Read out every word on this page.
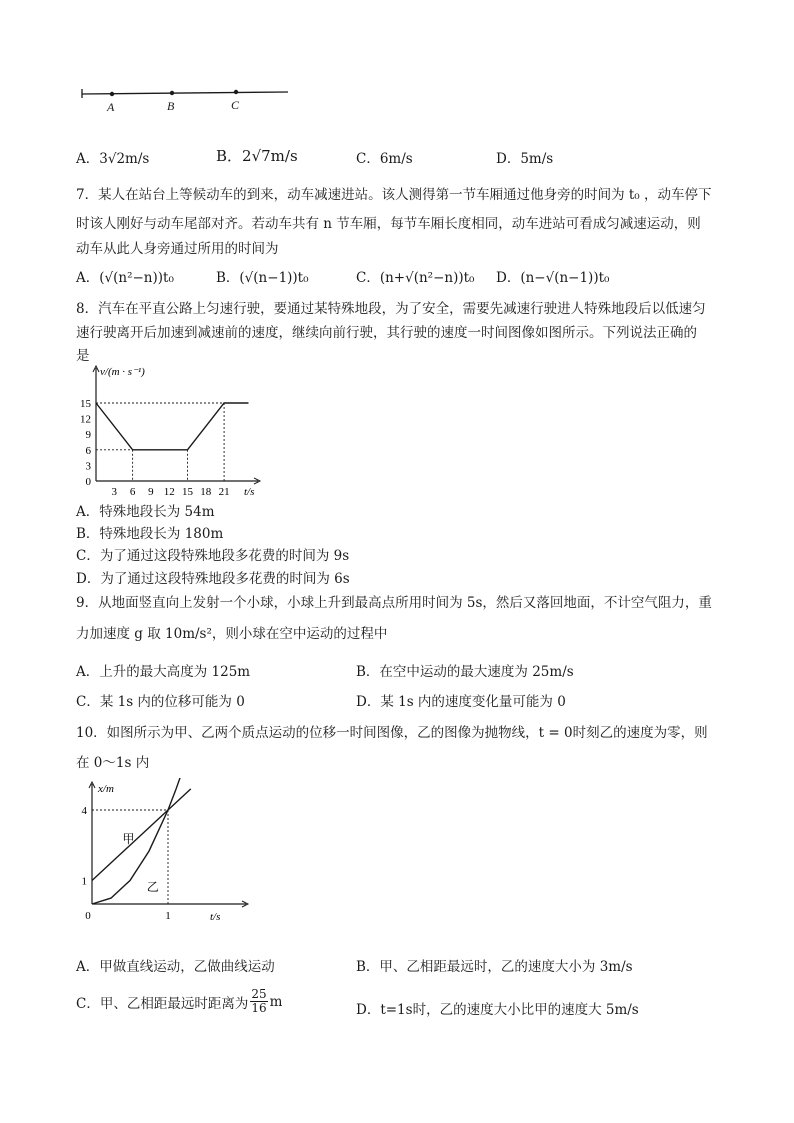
A	B	C
A．3√2m/s	B．2√7m/s	C．6m/s	D．5m/s
7．某人在站台上等候动车的到来，动车减速进站。该人测得第一节车厢通过他身旁的时间为 t₀ ，动车停下
时该人刚好与动车尾部对齐。若动车共有 n 节车厢，每节车厢长度相同，动车进站可看成匀减速运动，则
动车从此人身旁通过所用的时间为
A．(√(n²−n))t₀	B．(√(n−1))t₀	C．(n+√(n²−n))t₀ D．(n−√(n−1))t₀
8．汽车在平直公路上匀速行驶，要通过某特殊地段，为了安全，需要先减速行驶进人特殊地段后以低速匀
速行驶离开后加速到减速前的速度，继续向前行驶，其行驶的速度一时间图像如图所示。下列说法正确的
是
v/(m · s⁻¹)
t/s
0
3
6
9
12
15
3 6 9 12 15 18 21
A．特殊地段长为 54m
B．特殊地段长为 180m
C．为了通过这段特殊地段多花费的时间为 9s
D．为了通过这段特殊地段多花费的时间为 6s
9．从地面竖直向上发射一个小球，小球上升到最高点所用时间为 5s，然后又落回地面，不计空气阻力，重
力加速度 g 取 10m/s²，则小球在空中运动的过程中
A．上升的最大高度为 125m	B．在空中运动的最大速度为 25m/s
C．某 1s 内的位移可能为 0	D．某 1s 内的速度变化量可能为 0
10．如图所示为甲、乙两个质点运动的位移一时间图像，乙的图像为抛物线，t = 0时刻乙的速度为零，则
在 0～1s 内
x/m
t/s
0	1
1
4
甲
乙
A．甲做直线运动，乙做曲线运动	B．甲、乙相距最远时，乙的速度大小为 3m/s
C．甲、乙相距最远时距离为 $\frac{25}{16}$ m
D．t=1s时，乙的速度大小比甲的速度大 5m/s
